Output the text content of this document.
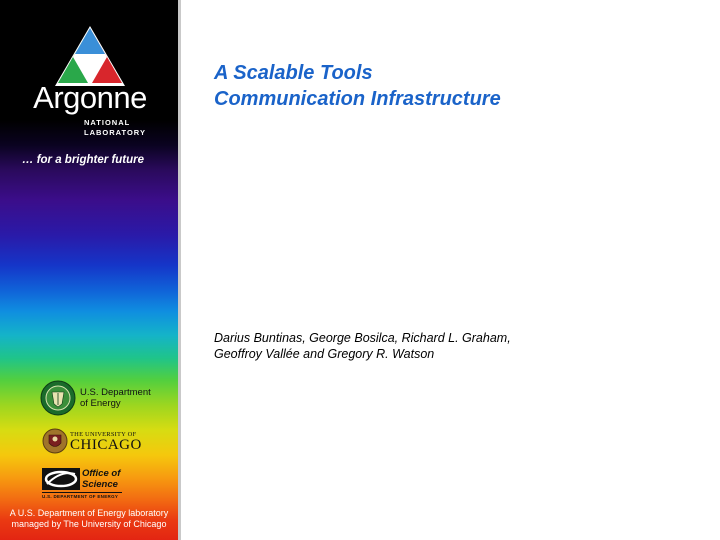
Argonne
NATIONAL
LABORATORY
… for a brighter future
U.S. Department
of Energy
THE UNIVERSITY OF
CHICAGO
Office of
Science
U.S. DEPARTMENT OF ENERGY
A U.S. Department of Energy laboratory
managed by The University of Chicago
A Scalable Tools
Communication Infrastructure
Darius Buntinas, George Bosilca, Richard L. Graham,
Geoffroy Vallée and Gregory R. Watson
